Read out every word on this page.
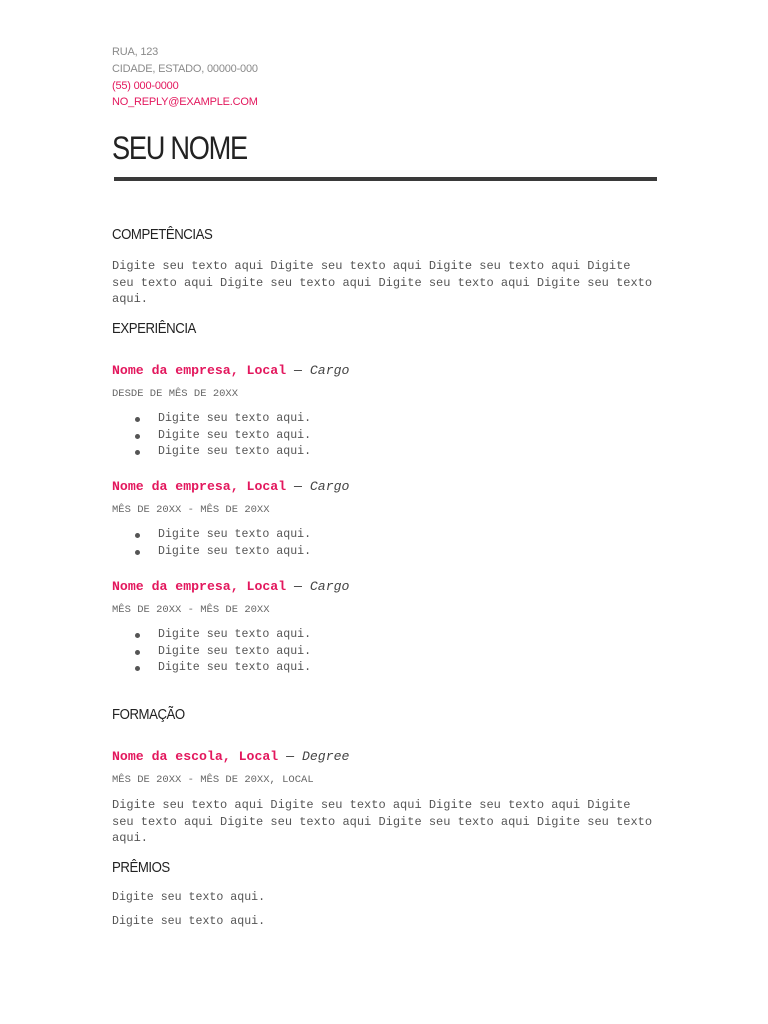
RUA, 123
CIDADE, ESTADO, 00000-000
(55) 000-0000
NO_REPLY@EXAMPLE.COM
SEU NOME
COMPETÊNCIAS

Digite seu texto aqui Digite seu texto aqui Digite seu texto aqui Digite seu texto aqui Digite seu texto aqui Digite seu texto aqui Digite seu texto aqui.

EXPERIÊNCIA
Nome da empresa, Local — Cargo
DESDE DE MÊS DE 20XX
Digite seu texto aqui.
Digite seu texto aqui.
Digite seu texto aqui.
Nome da empresa, Local — Cargo
MÊS DE 20XX - MÊS DE 20XX
Digite seu texto aqui.
Digite seu texto aqui.
Nome da empresa, Local — Cargo
MÊS DE 20XX - MÊS DE 20XX
Digite seu texto aqui.
Digite seu texto aqui.
Digite seu texto aqui.
FORMAÇÃO
Nome da escola, Local — Degree
MÊS DE 20XX - MÊS DE 20XX, LOCAL

Digite seu texto aqui Digite seu texto aqui Digite seu texto aqui Digite seu texto aqui Digite seu texto aqui Digite seu texto aqui Digite seu texto aqui.

PRÊMIOS
Digite seu texto aqui.
Digite seu texto aqui.
